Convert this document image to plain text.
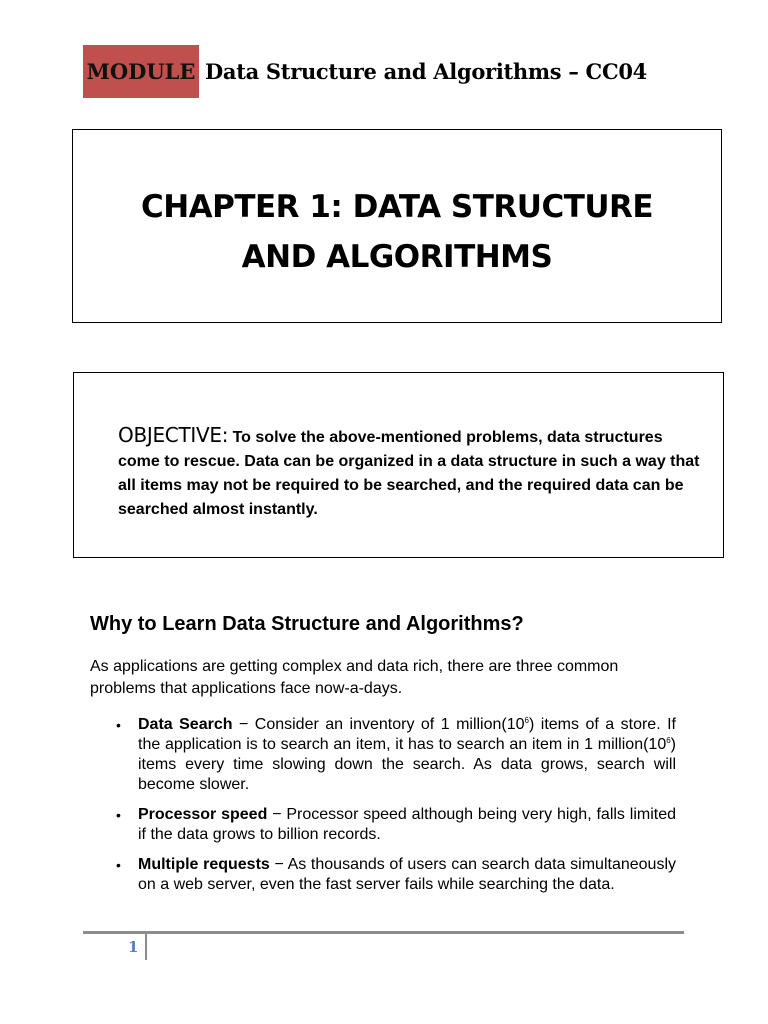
MODULE Data Structure and Algorithms – CC04
CHAPTER 1: DATA STRUCTURE
AND ALGORITHMS
OBJECTIVE: To solve the above-mentioned problems, data structures come to rescue. Data can be organized in a data structure in such a way that all items may not be required to be searched, and the required data can be searched almost instantly.
Why to Learn Data Structure and Algorithms?
As applications are getting complex and data rich, there are three common problems that applications face now-a-days.
• Data Search − Consider an inventory of 1 $million(10^6)$ items of a store. If the application is to search an item, it has to search an item in 1 $million(10^6)$ items every time slowing down the search. As data grows, search will become slower.
• Processor speed − Processor speed although being very high, falls limited if the data grows to billion records.
• Multiple requests − As thousands of users can search data simultaneously on a web server, even the fast server fails while searching the data.
1
